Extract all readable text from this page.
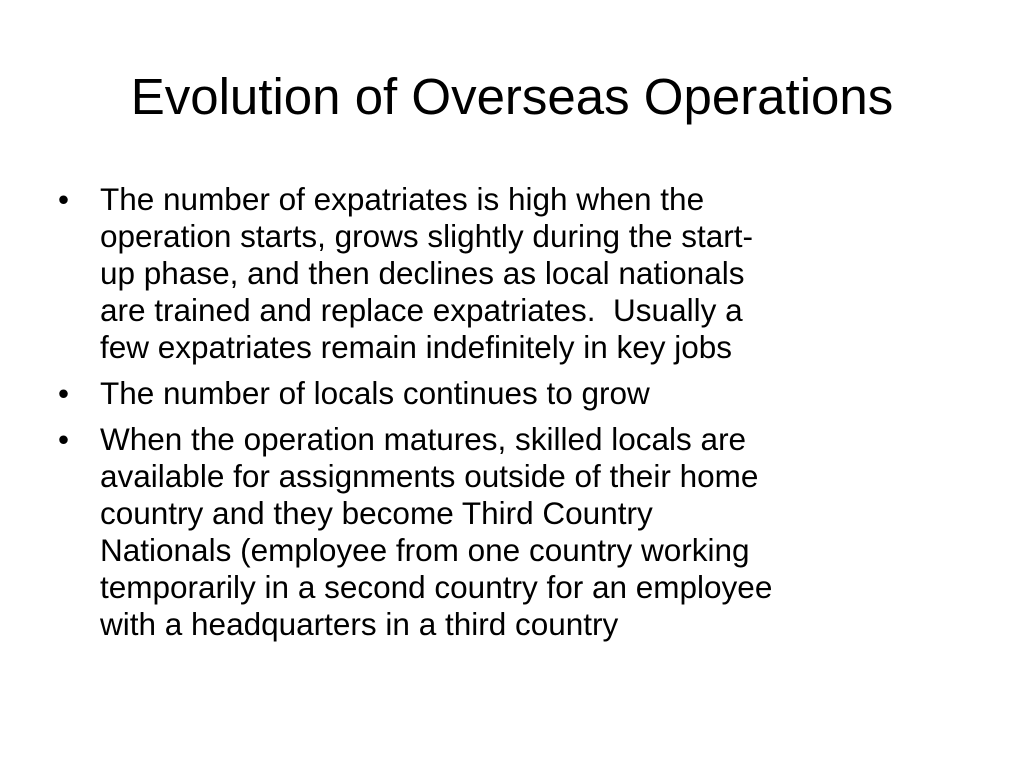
Evolution of Overseas Operations
• The number of expatriates is high when the
operation starts, grows slightly during the start-
up phase, and then declines as local nationals
are trained and replace expatriates.  Usually a
few expatriates remain indefinitely in key jobs
• The number of locals continues to grow
• When the operation matures, skilled locals are
available for assignments outside of their home
country and they become Third Country
Nationals (employee from one country working
temporarily in a second country for an employee
with a headquarters in a third country
